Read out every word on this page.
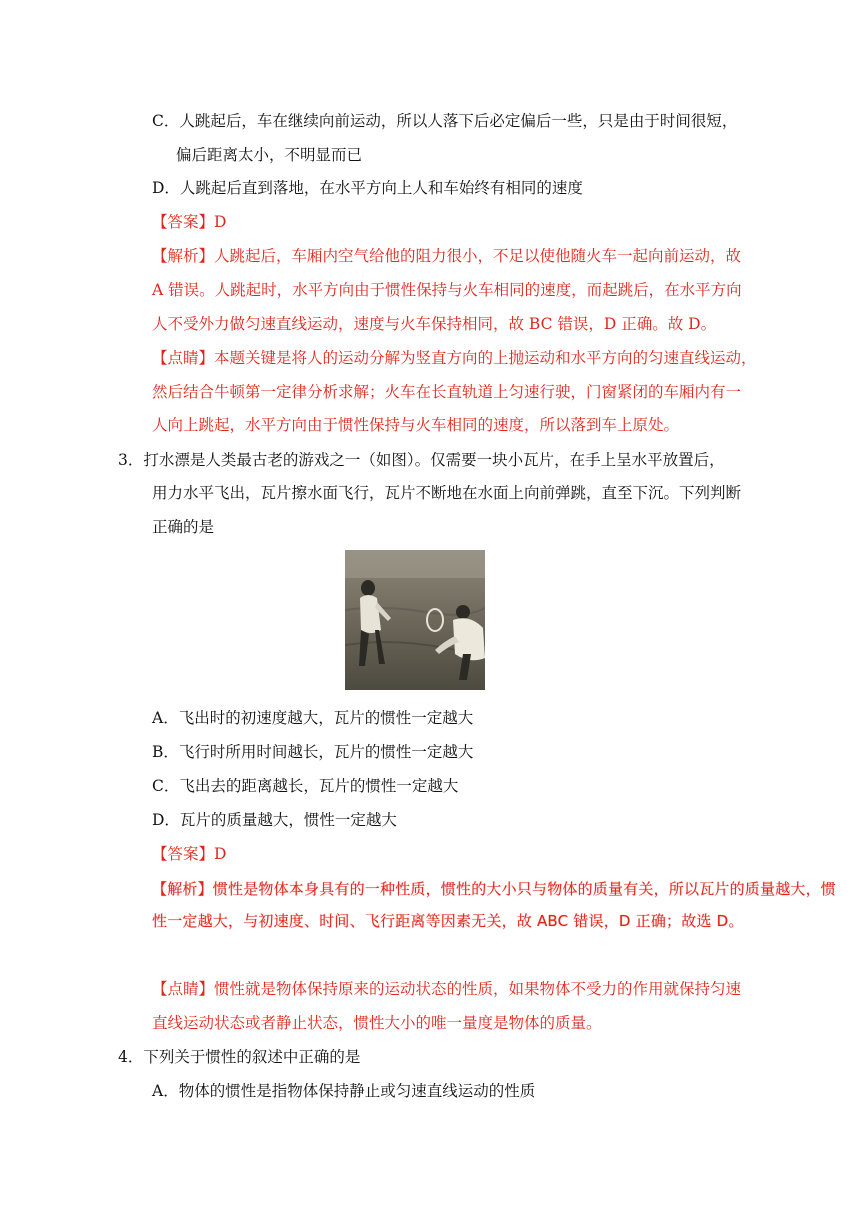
C．人跳起后，车在继续向前运动，所以人落下后必定偏后一些，只是由于时间很短，
偏后距离太小，不明显而已
D．人跳起后直到落地，在水平方向上人和车始终有相同的速度
【答案】D
【解析】人跳起后，车厢内空气给他的阻力很小，不足以使他随火车一起向前运动，故
A 错误。人跳起时，水平方向由于惯性保持与火车相同的速度，而起跳后，在水平方向
人不受外力做匀速直线运动，速度与火车保持相同，故 BC 错误，D 正确。故 D。
【点睛】本题关键是将人的运动分解为竖直方向的上抛运动和水平方向的匀速直线运动，
然后结合牛顿第一定律分析求解；火车在长直轨道上匀速行驶，门窗紧闭的车厢内有一
人向上跳起，水平方向由于惯性保持与火车相同的速度，所以落到车上原处。
3．打水漂是人类最古老的游戏之一（如图）。仅需要一块小瓦片，在手上呈水平放置后，
用力水平飞出，瓦片擦水面飞行，瓦片不断地在水面上向前弹跳，直至下沉。下列判断
正确的是
A．飞出时的初速度越大，瓦片的惯性一定越大
B．飞行时所用时间越长，瓦片的惯性一定越大
C．飞出去的距离越长，瓦片的惯性一定越大
D．瓦片的质量越大，惯性一定越大
【答案】D
【解析】惯性是物体本身具有的一种性质，惯性的大小只与物体的质量有关，所以瓦片的质量越大，惯
性一定越大，与初速度、时间、飞行距离等因素无关，故 ABC 错误，D 正确；故选 D。
【点睛】惯性就是物体保持原来的运动状态的性质，如果物体不受力的作用就保持匀速
直线运动状态或者静止状态，惯性大小的唯一量度是物体的质量。
4．下列关于惯性的叙述中正确的是
A．物体的惯性是指物体保持静止或匀速直线运动的性质
